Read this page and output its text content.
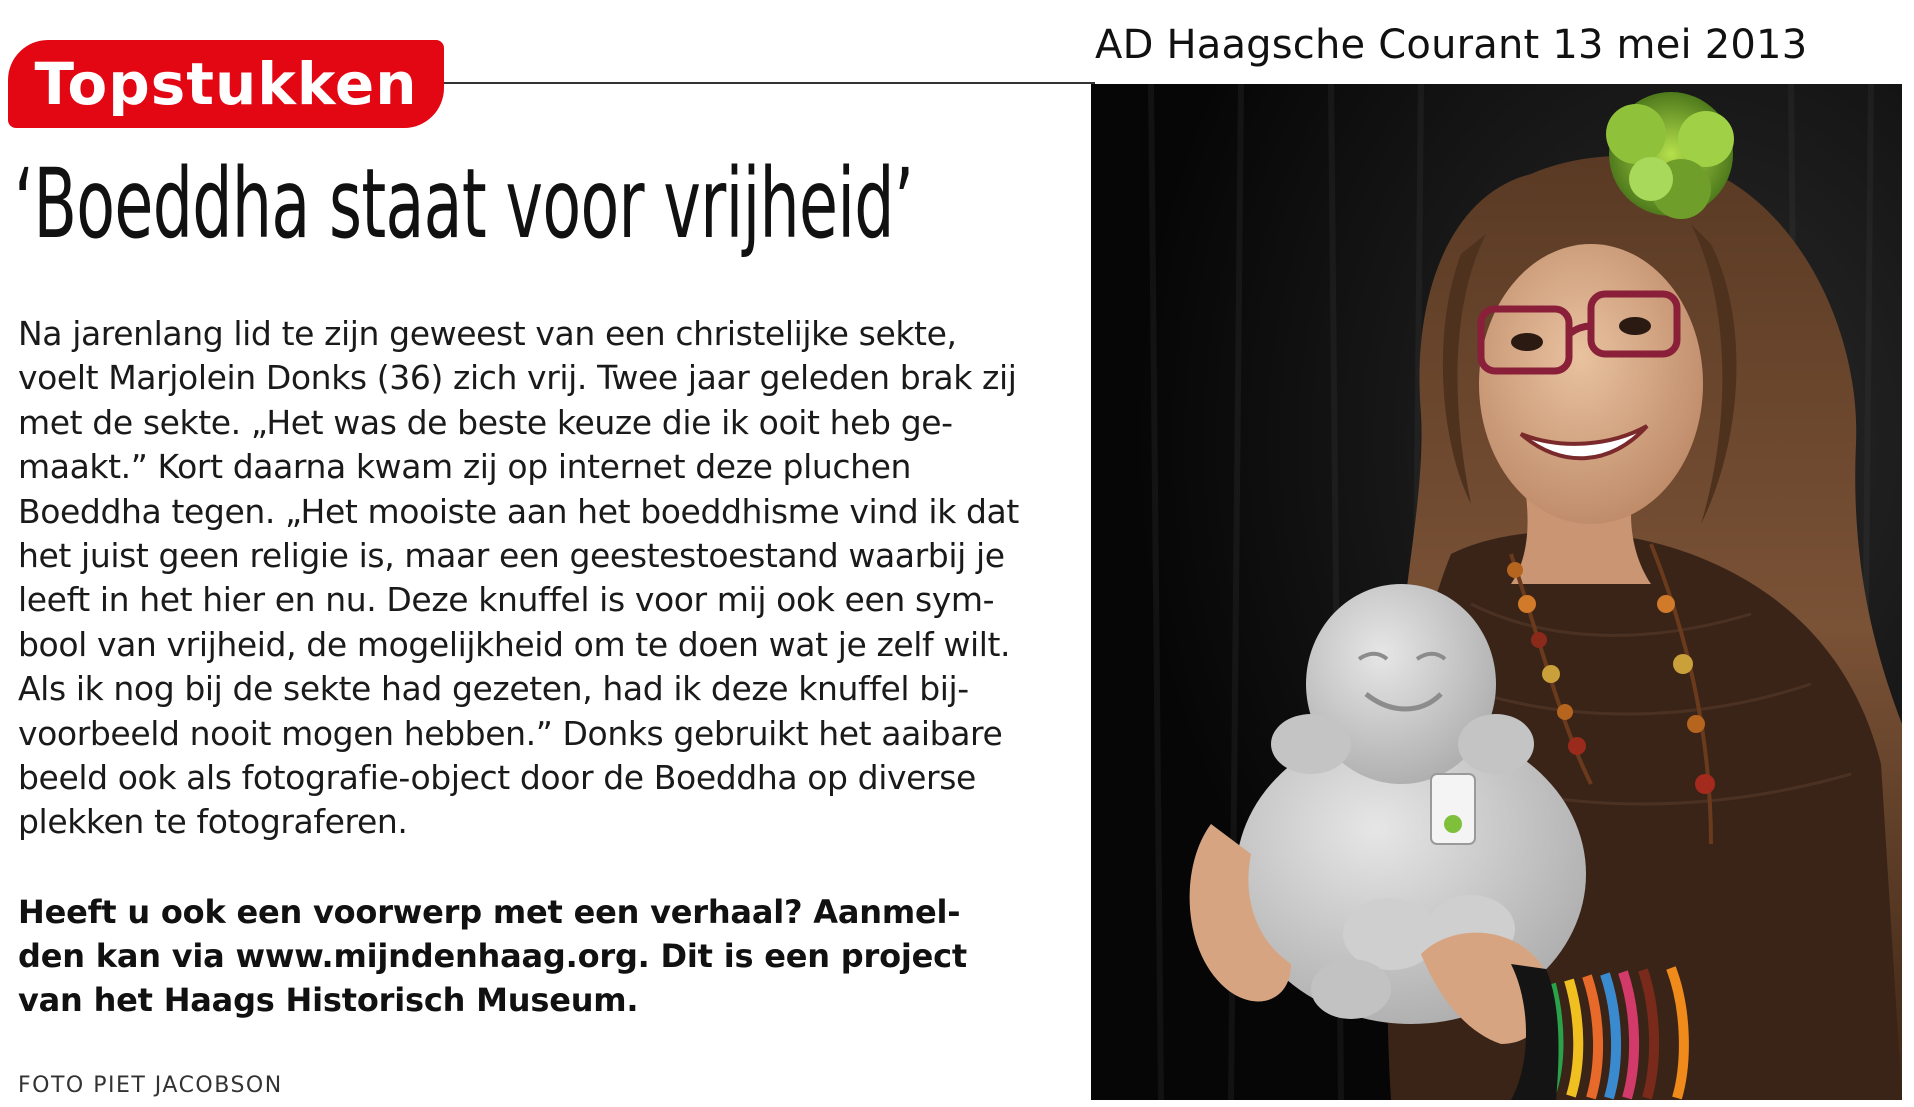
AD Haagsche Courant 13 mei 2013
Topstukken
‘Boeddha staat voor vrijheid’
Na jarenlang lid te zijn geweest van een christelijke sekte,
voelt Marjolein Donks (36) zich vrij. Twee jaar geleden brak zij
met de sekte. „Het was de beste keuze die ik ooit heb ge-
maakt.” Kort daarna kwam zij op internet deze pluchen
Boeddha tegen. „Het mooiste aan het boeddhisme vind ik dat
het juist geen religie is, maar een geestestoestand waarbij je
leeft in het hier en nu. Deze knuffel is voor mij ook een sym-
bool van vrijheid, de mogelijkheid om te doen wat je zelf wilt.
Als ik nog bij de sekte had gezeten, had ik deze knuffel bij-
voorbeeld nooit mogen hebben.” Donks gebruikt het aaibare
beeld ook als fotografie-object door de Boeddha op diverse
plekken te fotograferen.
Heeft u ook een voorwerp met een verhaal? Aanmel-
den kan via www.mijndenhaag.org. Dit is een project
van het Haags Historisch Museum.
FOTO PIET JACOBSON
